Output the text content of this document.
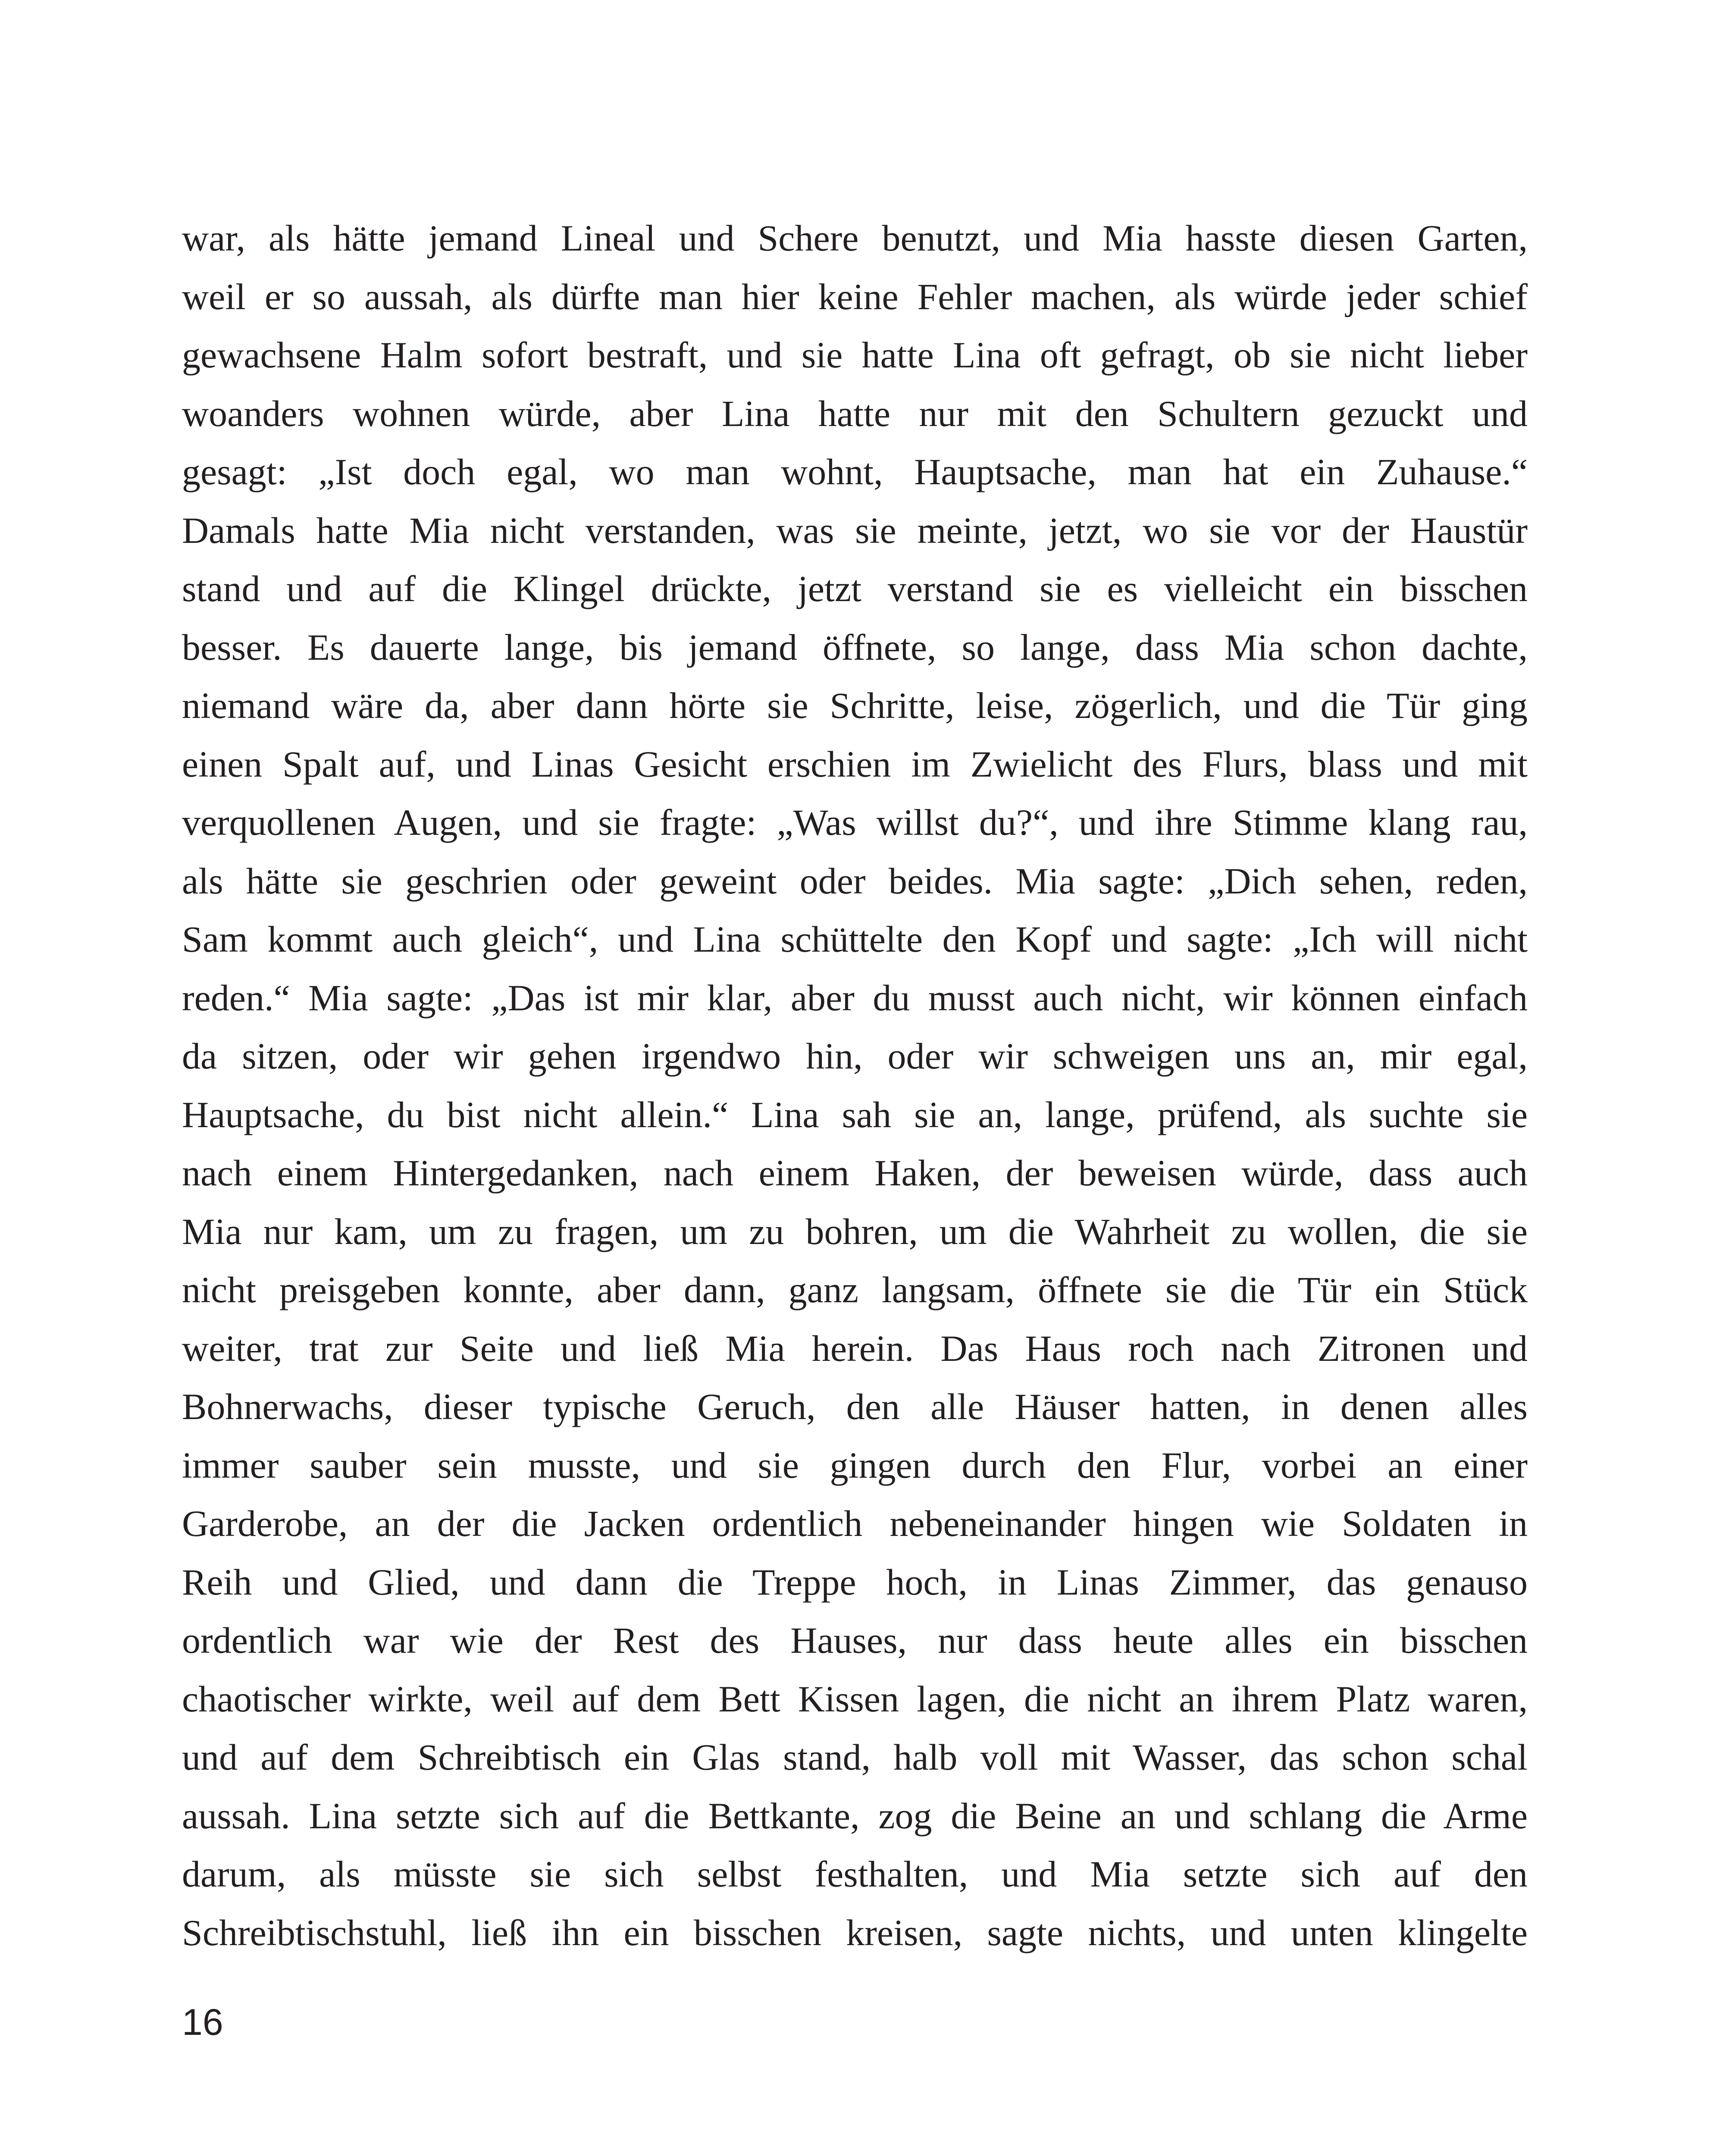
war, als hätte jemand Lineal und Schere benutzt, und Mia hasste diesen Garten,
weil er so aussah, als dürfte man hier keine Fehler machen, als würde jeder schief
gewachsene Halm sofort bestraft, und sie hatte Lina oft gefragt, ob sie nicht lieber
woanders wohnen würde, aber Lina hatte nur mit den Schultern gezuckt und
gesagt: „Ist doch egal, wo man wohnt, Hauptsache, man hat ein Zuhause.“
Damals hatte Mia nicht verstanden, was sie meinte, jetzt, wo sie vor der Haustür
stand und auf die Klingel drückte, jetzt verstand sie es vielleicht ein bisschen
besser. Es dauerte lange, bis jemand öffnete, so lange, dass Mia schon dachte,
niemand wäre da, aber dann hörte sie Schritte, leise, zögerlich, und die Tür ging
einen Spalt auf, und Linas Gesicht erschien im Zwielicht des Flurs, blass und mit
verquollenen Augen, und sie fragte: „Was willst du?“, und ihre Stimme klang rau,
als hätte sie geschrien oder geweint oder beides. Mia sagte: „Dich sehen, reden,
Sam kommt auch gleich“, und Lina schüttelte den Kopf und sagte: „Ich will nicht
reden.“ Mia sagte: „Das ist mir klar, aber du musst auch nicht, wir können einfach
da sitzen, oder wir gehen irgendwo hin, oder wir schweigen uns an, mir egal,
Hauptsache, du bist nicht allein.“ Lina sah sie an, lange, prüfend, als suchte sie
nach einem Hintergedanken, nach einem Haken, der beweisen würde, dass auch
Mia nur kam, um zu fragen, um zu bohren, um die Wahrheit zu wollen, die sie
nicht preisgeben konnte, aber dann, ganz langsam, öffnete sie die Tür ein Stück
weiter, trat zur Seite und ließ Mia herein. Das Haus roch nach Zitronen und
Bohnerwachs, dieser typische Geruch, den alle Häuser hatten, in denen alles
immer sauber sein musste, und sie gingen durch den Flur, vorbei an einer
Garderobe, an der die Jacken ordentlich nebeneinander hingen wie Soldaten in
Reih und Glied, und dann die Treppe hoch, in Linas Zimmer, das genauso
ordentlich war wie der Rest des Hauses, nur dass heute alles ein bisschen
chaotischer wirkte, weil auf dem Bett Kissen lagen, die nicht an ihrem Platz waren,
und auf dem Schreibtisch ein Glas stand, halb voll mit Wasser, das schon schal
aussah. Lina setzte sich auf die Bettkante, zog die Beine an und schlang die Arme
darum, als müsste sie sich selbst festhalten, und Mia setzte sich auf den
Schreibtischstuhl, ließ ihn ein bisschen kreisen, sagte nichts, und unten klingelte
16
